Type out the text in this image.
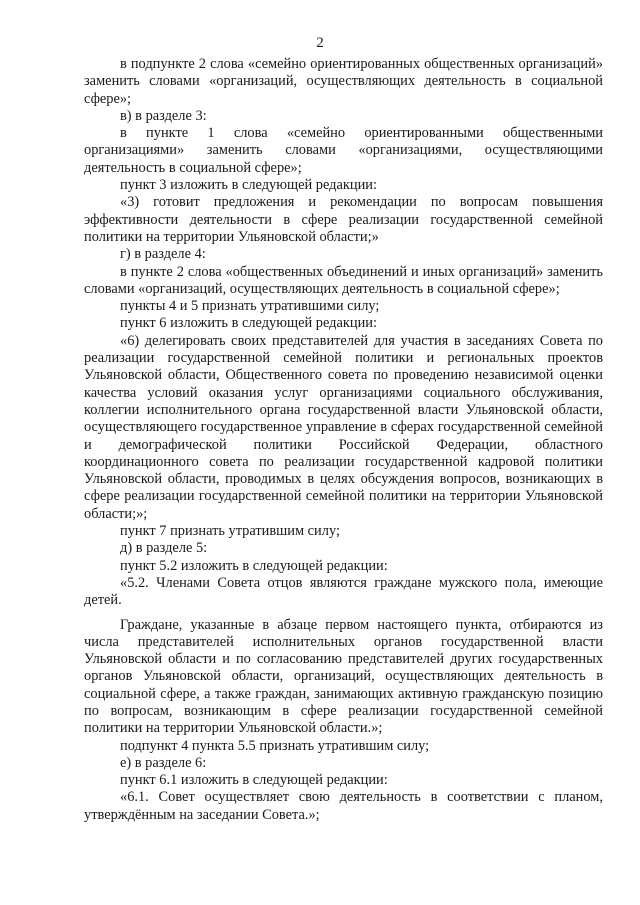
2

в подпункте 2 слова «семейно ориентированных общественных организаций» заменить словами «организаций, осуществляющих деятельность в социальной сфере»;

в) в разделе 3:

в пункте 1 слова «семейно ориентированными общественными организациями» заменить словами «организациями, осуществляющими деятельность в социальной сфере»;

пункт 3 изложить в следующей редакции:

«3) готовит предложения и рекомендации по вопросам повышения эффективности деятельности в сфере реализации государственной семейной политики на территории Ульяновской области;»

г) в разделе 4:

в пункте 2 слова «общественных объединений и иных организаций» заменить словами «организаций, осуществляющих деятельность в социальной сфере»;

пункты 4 и 5 признать утратившими силу;

пункт 6 изложить в следующей редакции:

«6) делегировать своих представителей для участия в заседаниях Совета по реализации государственной семейной политики и региональных проектов Ульяновской области, Общественного совета по проведению независимой оценки качества условий оказания услуг организациями социального обслуживания, коллегии исполнительного органа государственной власти Ульяновской области, осуществляющего государственное управление в сферах государственной семейной и демографической политики Российской Федерации, областного координационного совета по реализации государственной кадровой политики Ульяновской области, проводимых в целях обсуждения вопросов, возникающих в сфере реализации государственной семейной политики на территории Ульяновской области;»;

пункт 7 признать утратившим силу;

д) в разделе 5:

пункт 5.2 изложить в следующей редакции:

«5.2. Членами Совета отцов являются граждане мужского пола, имеющие детей.

Граждане, указанные в абзаце первом настоящего пункта, отбираются из числа представителей исполнительных органов государственной власти Ульяновской области и по согласованию представителей других государственных органов Ульяновской области, организаций, осуществляющих деятельность в социальной сфере, а также граждан, занимающих активную гражданскую позицию по вопросам, возникающим в сфере реализации государственной семейной политики на территории Ульяновской области.»;

подпункт 4 пункта 5.5 признать утратившим силу;

е) в разделе 6:

пункт 6.1 изложить в следующей редакции:

«6.1. Совет осуществляет свою деятельность в соответствии с планом, утверждённым на заседании Совета.»;
